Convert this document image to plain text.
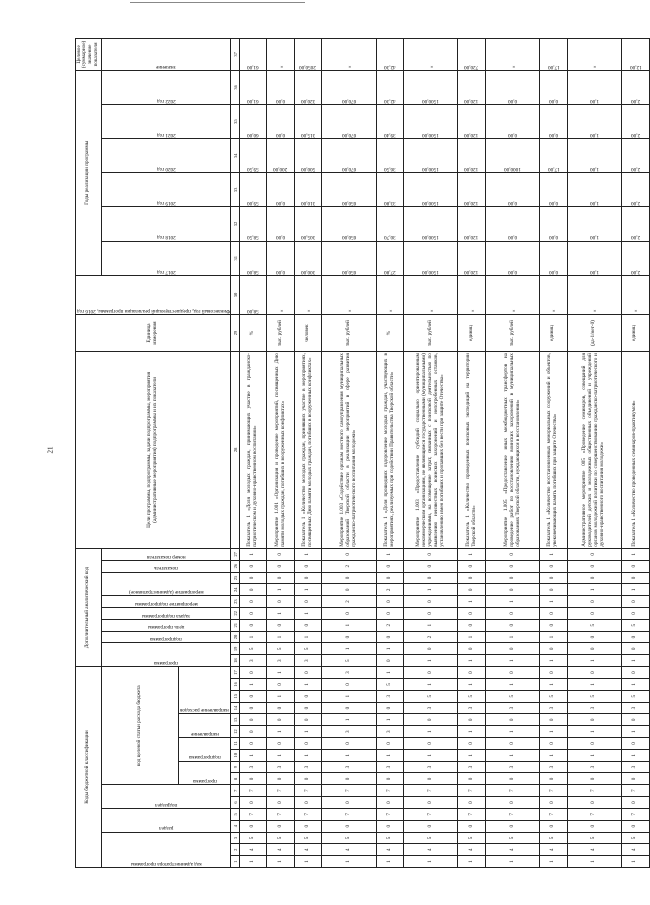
21
Коды бюджетной классификации																	Дополнительный аналитический код										Цели программы, подпрограммы, задачи подпрограммы, мероприятия (административные мероприятия) подпрограммы и их показатели	Единица измерения	Финансовый год, предшествующий реализации программы, 2016 год	Годы реализации программы						Целевое (суммарное) значение показателя

код администратора программы			раздел		подраздел		код целевой статьи расхода бюджета										программа		подпрограмма	цель программы	задача подпрограммы	мероприятие подпрограммы	мероприятие (административное)		показатель	номер показателя				2017 год	2018 год	2019 год	2020 год	2021 год	2022 год	значение

							программа		подпрограмма		направление		направление расходов																							

1	2	3	4	5	6	7	8	9	10	11	12	13	14	15	16	17	18	19	20	21	22	23	24	25	26	27	28	29	30	31	32	33	34	35	36	37
1	4	5	0	7	0	7	0	3	1	0	0	0	0	0	1	0	3	5	1	0	0	0	0	0	0	1	Показатель 1 «Доля молодых граждан, принимающих участие в гражданско-патриотическом и духовно-нравственном воспитании»	%	58,00	58,00	58,50	59,00	59,50	60,00	61,00	61,00

1	4	5	0	7	0	7	0	3	1	0	1	0	0	1	0	1	3	5	1	0	1	0	1	0	0	0	Мероприятие 1.001 «Организация и проведение мероприятий, посвященных Дню памяти молодых граждан, погибших в вооруженных конфликтах»	тыс. рублей	×	0,00	0,00	0,00	200,00	0,00	0,00	×

1	4	5	0	7	0	7	0	3	1	0	1	0	0	0	1	0	3	5	1	0	1	0	1	0	0	1	Показатель 1 «Количество молодых граждан, принявших участие в мероприятиях, посвященных Дню памяти молодых граждан, погибших в вооруженных конфликтах»	человек	×	300,00	305,00	310,00	500,00	315,00	320,00	2050,00

1	4	5	0	7	0	7	0	3	1	0	3	1	0	1	0	3	5	1	0	1	0	2	0	0	2	0	Мероприятие 1.003 «Содействие органам местного самоуправления муниципальных образований Тверской области в реализации мероприятий в сфере развития гражданско-патриотического воспитания молодежи»	тыс. рублей	×	650,00	650,00	650,00	670,00	670,00	670,00	×

1	4	5	0	7	0	7	0	3	1	0	3	1	0	3	5	1	0	1	0	2	0	0	2	0	0	1	Показатель 1 «Доля прошедших оздоровление молодых граждан, участвующих в мероприятиях, реализуемых при содействии Правительства Тверской области»	%	×	27,80	30,70	33,80	36,50	39,40	42,30	42,30

1	4	5	0	7	0	7	0	3	1	0	1	0	3	5	1	0	1	0	2	1	0	0	1	0	0	0	Мероприятие 1.003 «Предоставление субсидий социально ориентированным некоммерческим организациям, не являющимся государственными (муниципальными) учреждениями, на возмещение затрат, связанных с поисковой деятельностью по выявлению неизвестных воинских захоронений и непогребенных останков, установлению имен погибших и пропавших без вести при защите Отечества»	тыс. рублей	×	1500,00	1500,00	1500,00	1500,00	1500,00	1500,00	×

1	4	5	0	7	0	7	0	3	1	0	1	0	3	5	1	0	1	0	1	0	0	1	0	0	0	1	Показатель 1 «Количество проведенных поисковых экспедиций на территории Тверской области»	единиц	×	120,00	120,00	120,00	120,00	120,00	120,00	720,00

1	4	5	0	7	0	7	0	3	1	0	1	0	3	5	1	0	1	0	1	0	0	1	0	0	0	0	Мероприятие 1.005 «Предоставление иных межбюджетных трансфертов на проведение работ по восстановлению воинских захоронений в муниципальных образованиях Тверской области, нуждающихся в восстановлении»	тыс. рублей	×	0,00	0,00	0,00	1000,00	0,00	0,00	×

1	4	5	0	7	0	7	0	3	1	0	1	0	3	5	1	0	1	0	1	0	0	1	0	0	0	1	Показатель 1 «Количество восстановленных мемориальных сооружений и объектов, увековечивающих память погибших при защите Отечества»	единиц	×	0,00	0,00	0,00	17,00	0,00	0,00	17,00

1	4	5	0	7	0	7	0	3	1	0	1	0	3	5	1	0	1	0	0	5	0	0	1	0	0	0	Административное мероприятие 005 «Проведение семинаров, совещаний для руководителей детских и молодежных общественных объединений и учреждений органов молодежной политики по совершенствованию гражданско-патриотического и духовно-нравственного воспитания молодежи»	(да-1/нет-0)	×	1,00	1,00	1,00	1,00	1,00	1,00	×

1	4	5	0	7	0	7	0	3	1	0	1	0	3	5	1	0	1	0	0	5	0	0	1	0	0	1	Показатель 1 «Количество проведенных семинаров-практикумов»	единиц	×	2,00	2,00	2,00	2,00	2,00	2,00	12,00
